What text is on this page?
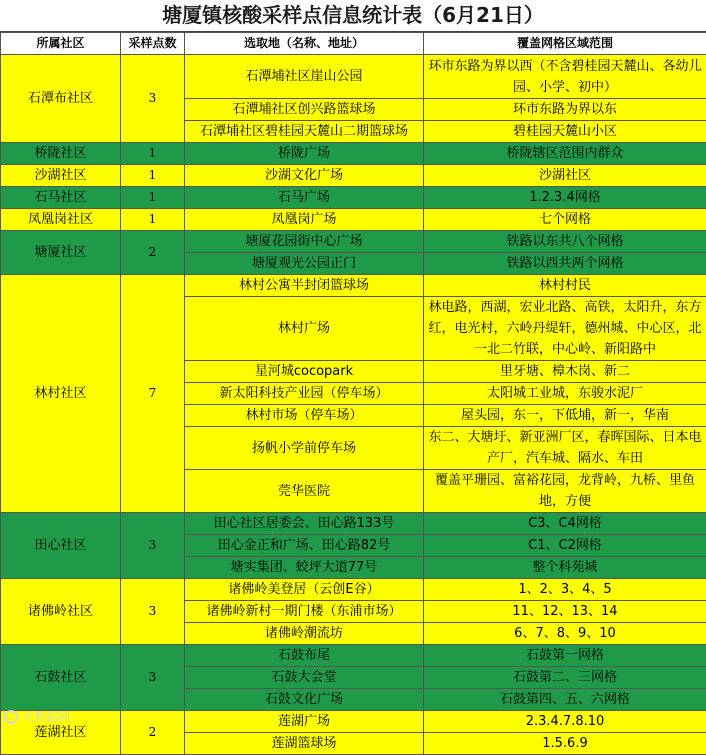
塘厦镇核酸采样点信息统计表（6月21日）
所属社区	采样点数	选取地（名称、地址）	覆盖网格区域范围
石潭布社区	3	石潭埔社区崖山公园	环市东路为界以西（不含碧桂园天麓山、各幼儿园、小学、初中）
		石潭埔社区创兴路篮球场	环市东路为界以东
		石潭埔社区碧桂园天麓山二期篮球场	碧桂园天麓山小区
桥陇社区	1	桥陇广场	桥陇辖区范围内群众
沙湖社区	1	沙湖文化广场	沙湖社区
石马社区	1	石马广场	1.2.3.4网格
凤凰岗社区	1	凤凰岗广场	七个网格
塘厦社区	2	塘厦花园街中心广场	铁路以东共八个网格
		塘厦观光公园正门	铁路以西共两个网格
林村社区	7	林村公寓半封闭篮球场	林村村民
		林村广场	林电路，西湖，宏业北路、高铁，太阳升，东方红，电光村，六岭丹缇轩，德州城、中心区，北一北二竹联，中心岭、新阳路中
		星河城cocopark	里牙塘、樟木岗、新二
		新太阳科技产业园（停车场）	太阳城工业城，东骏水泥厂
		林村市场（停车场）	屋头园，东一，下低埔，新一，华南
		扬帆小学前停车场	东二、大塘圩、新亚洲厂区，春晖国际、日本电产厂，汽车城、隔水、车田
		莞华医院	覆盖平珊园、富裕花园，龙背岭，九桥、里鱼地，方便
田心社区	3	田心社区居委会、田心路133号	C3、C4网格
		田心金正和广场、田心路82号	C1、C2网格
		塘实集团、蛟坪大道77号	整个科苑城
诸佛岭社区	3	诸佛岭美登居（云创E谷）	1、2、3、4、5
		诸佛岭新村一期门楼（东浦市场）	11、12、13、14
		诸佛岭潮流坊	6、7、8、9、10
石鼓社区	3	石鼓布尾	石鼓第一网格
		石鼓大会堂	石鼓第二、三网格
		石鼓文化广场	石鼓第四、五、六网格
莲湖社区	2	莲湖广场	2.3.4.7.8.10
		莲湖篮球场	1.5.6.9
大数据网
